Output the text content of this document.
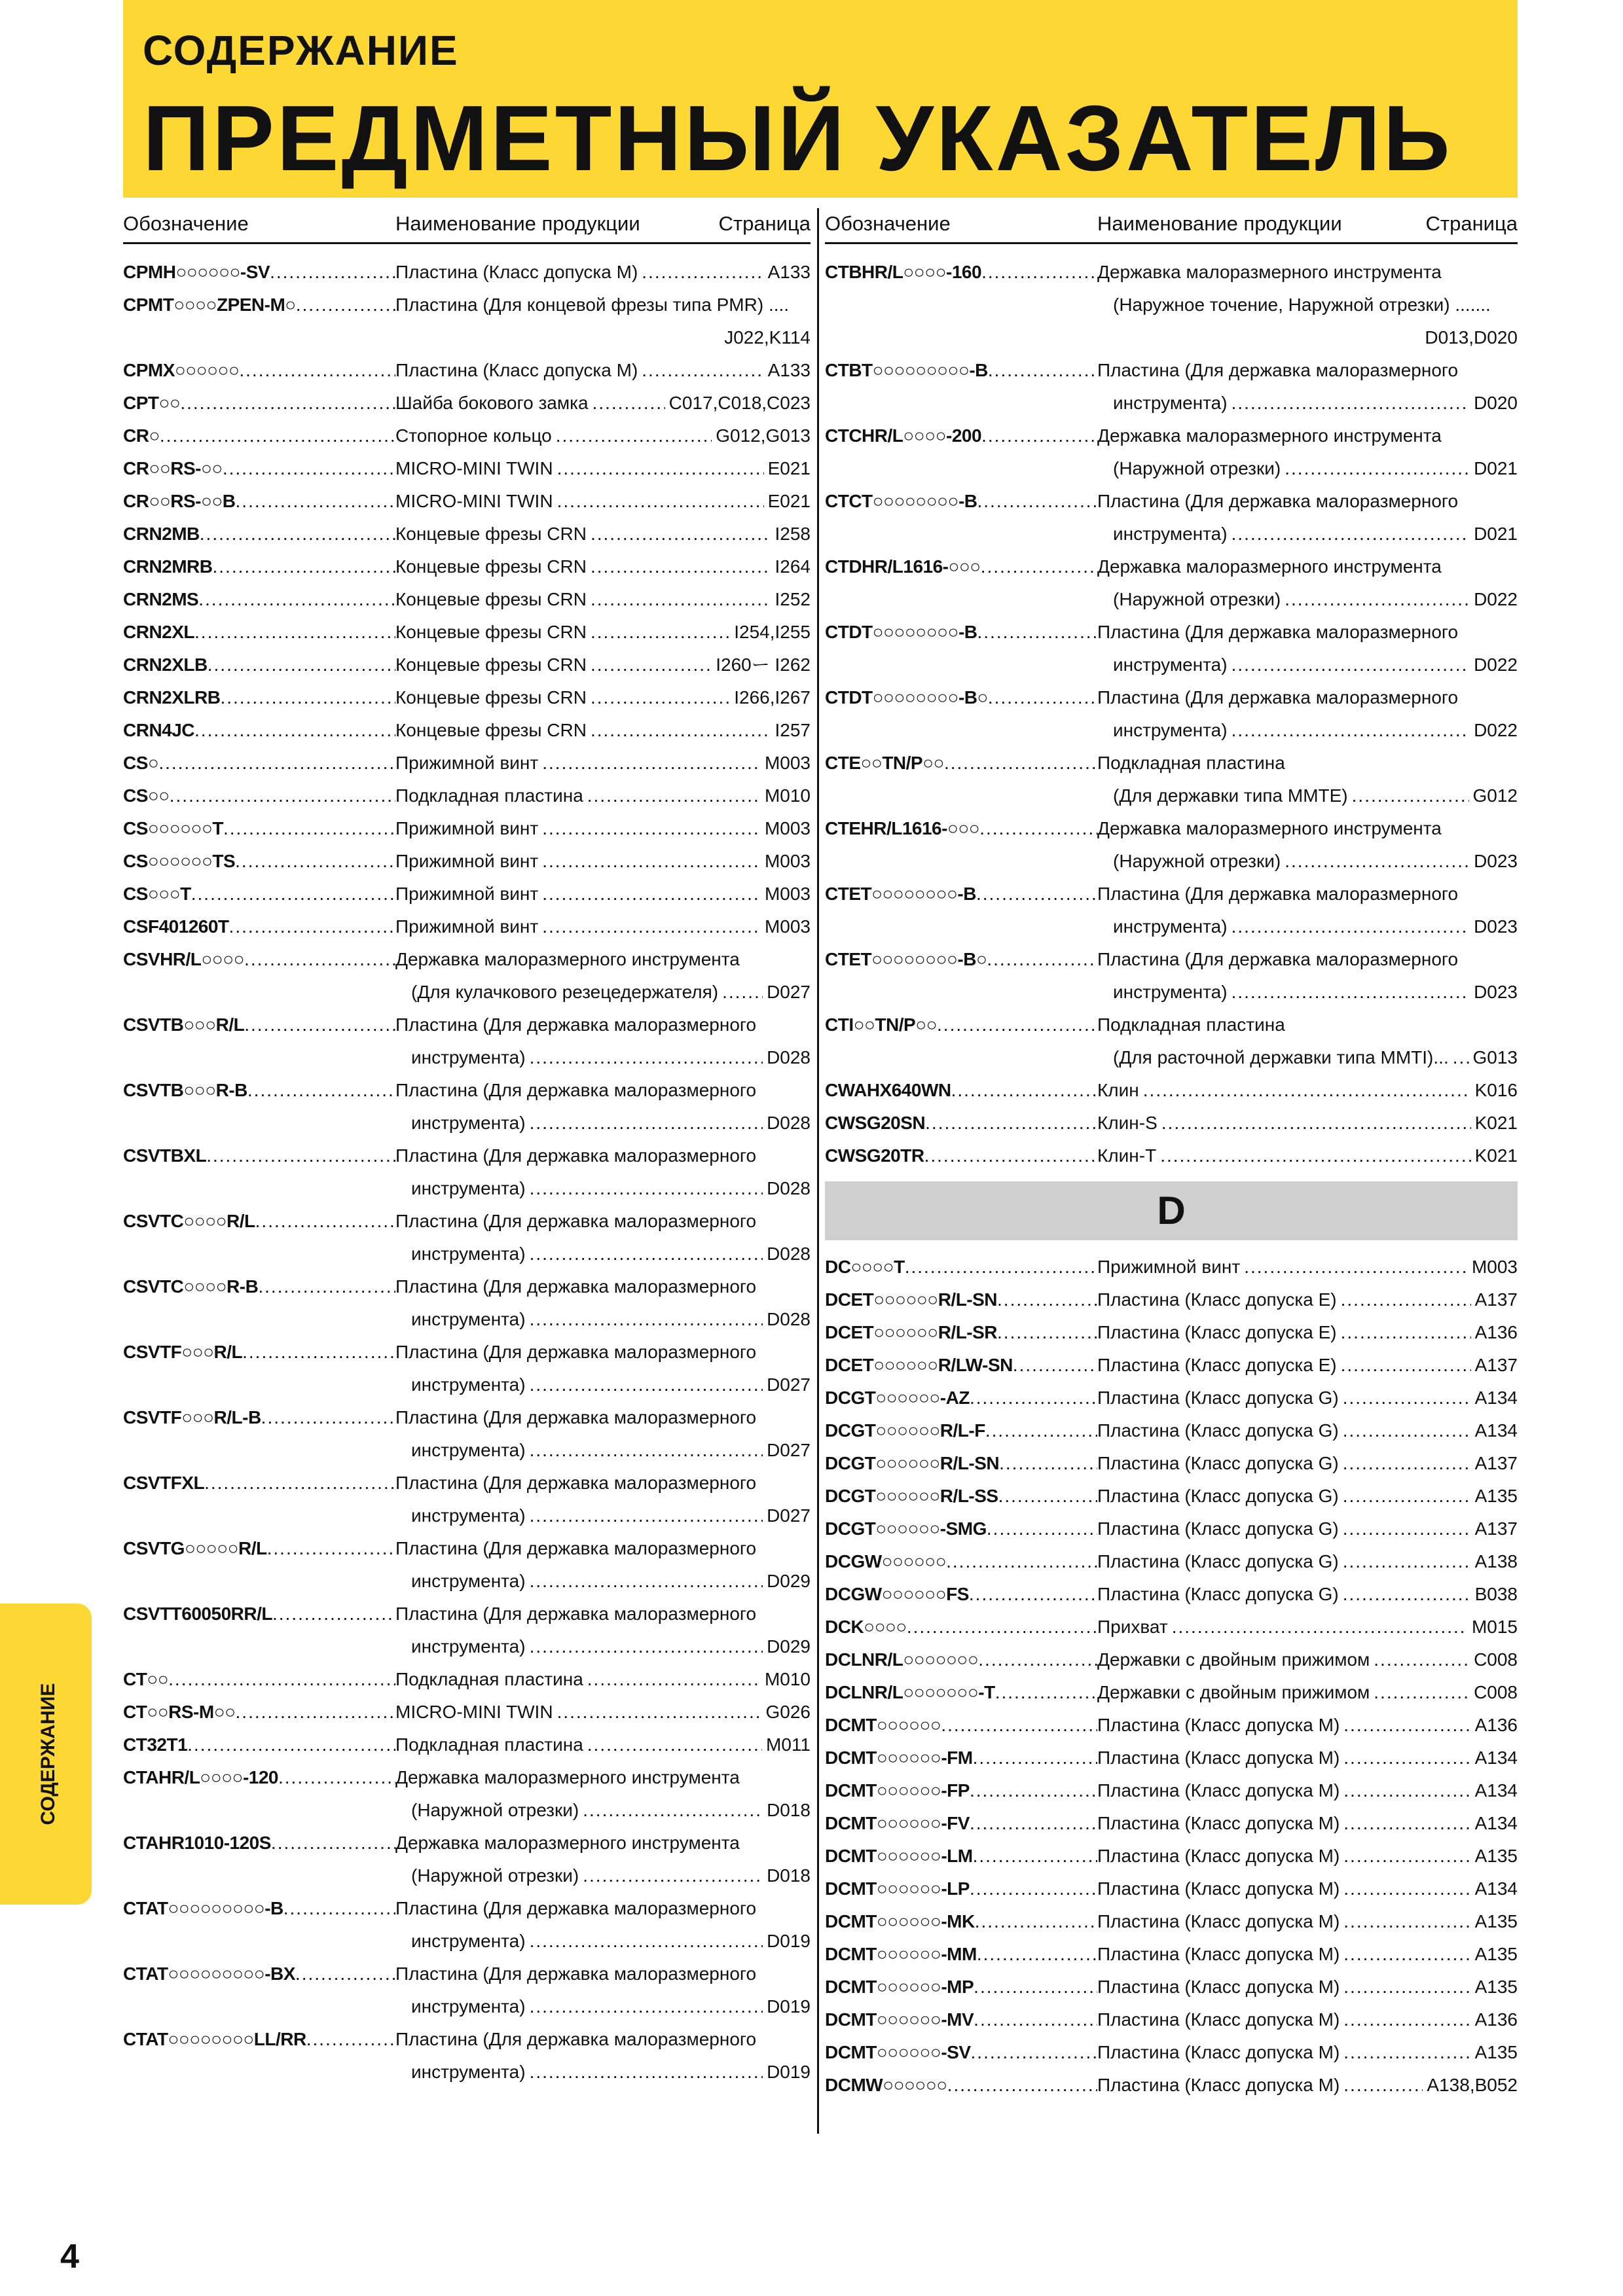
СОДЕРЖАНИЕ
ПРЕДМЕТНЫЙ УКАЗАТЕЛЬ
Обозначение	Наименование продукции	Страница
CPMH○○○○○○-SV .....	Пластина (Класс допуска M) .....	A133
CPMT○○○○ZPEN-M○ .....	Пластина (Для концевой фрезы типа PMR) ....
J022,K114
CPMX○○○○○○ .....	Пластина (Класс допуска M) .....	A133
CPT○○ .....	Шайба бокового замка .....	C017,C018,C023
CR○ .....	Стопорное кольцо .....	G012,G013
CR○○RS-○○ .....	MICRO-MINI TWIN .....	E021
CR○○RS-○○B .....	MICRO-MINI TWIN .....	E021
CRN2MB .....	Концевые фрезы CRN .....	I258
CRN2MRB .....	Концевые фрезы CRN .....	I264
CRN2MS .....	Концевые фрезы CRN .....	I252
CRN2XL .....	Концевые фрезы CRN .....	I254,I255
CRN2XLB .....	Концевые фрезы CRN .....	I260ー I262
CRN2XLRB .....	Концевые фрезы CRN .....	I266,I267
CRN4JC .....	Концевые фрезы CRN .....	I257
CS○ .....	Прижимной винт .....	M003
CS○○ .....	Подкладная пластина .....	M010
CS○○○○○○T .....	Прижимной винт .....	M003
CS○○○○○○TS .....	Прижимной винт .....	M003
CS○○○T .....	Прижимной винт .....	M003
CSF401260T .....	Прижимной винт .....	M003
CSVHR/L○○○○ .....	Державка малоразмерного инструмента
(Для кулачкового резецедержателя) .....	D027
CSVTB○○○R/L .....	Пластина (Для державка малоразмерного
инструмента) .....	D028
CSVTB○○○R-B .....	Пластина (Для державка малоразмерного
инструмента) .....	D028
CSVTBXL .....	Пластина (Для державка малоразмерного
инструмента) .....	D028
CSVTC○○○○R/L .....	Пластина (Для державка малоразмерного
инструмента) .....	D028
CSVTC○○○○R-B .....	Пластина (Для державка малоразмерного
инструмента) .....	D028
CSVTF○○○R/L .....	Пластина (Для державка малоразмерного
инструмента) .....	D027
CSVTF○○○R/L-B .....	Пластина (Для державка малоразмерного
инструмента) .....	D027
CSVTFXL .....	Пластина (Для державка малоразмерного
инструмента) .....	D027
CSVTG○○○○○R/L .....	Пластина (Для державка малоразмерного
инструмента) .....	D029
CSVTT60050RR/L .....	Пластина (Для державка малоразмерного
инструмента) .....	D029
CT○○ .....	Подкладная пластина .....	M010
CT○○RS-M○○ .....	MICRO-MINI TWIN .....	G026
CT32T1 .....	Подкладная пластина .....	M011
CTAHR/L○○○○-120 .....	Державка малоразмерного инструмента
(Наружной отрезки) .....	D018
CTAHR1010-120S .....	Державка малоразмерного инструмента
(Наружной отрезки) .....	D018
CTAT○○○○○○○○○-B .....	Пластина (Для державка малоразмерного
инструмента) .....	D019
CTAT○○○○○○○○○-BX .....	Пластина (Для державка малоразмерного
инструмента) .....	D019
CTAT○○○○○○○○LL/RR .....	Пластина (Для державка малоразмерного
инструмента) .....	D019
Обозначение	Наименование продукции	Страница
CTBHR/L○○○○-160 .....	Державка малоразмерного инструмента
(Наружное точение, Наружной отрезки) .......
D013,D020
CTBT○○○○○○○○○-B .....	Пластина (Для державка малоразмерного
инструмента) .....	D020
CTCHR/L○○○○-200 .....	Державка малоразмерного инструмента
(Наружной отрезки) .....	D021
CTCT○○○○○○○○-B .....	Пластина (Для державка малоразмерного
инструмента) .....	D021
CTDHR/L1616-○○○ .....	Державка малоразмерного инструмента
(Наружной отрезки) .....	D022
CTDT○○○○○○○○-B .....	Пластина (Для державка малоразмерного
инструмента) .....	D022
CTDT○○○○○○○○-B○ .....	Пластина (Для державка малоразмерного
инструмента) .....	D022
CTE○○TN/P○○ .....	Подкладная пластина
(Для державки типа MMTE) .....	G012
CTEHR/L1616-○○○ .....	Державка малоразмерного инструмента
(Наружной отрезки) .....	D023
CTET○○○○○○○○-B .....	Пластина (Для державка малоразмерного
инструмента) .....	D023
CTET○○○○○○○○-B○ .....	Пластина (Для державка малоразмерного
инструмента) .....	D023
CTI○○TN/P○○ .....	Подкладная пластина
(Для расточной державки типа MMTI)... ..... G013
CWAHX640WN .....	Клин .....	K016
CWSG20SN .....	Клин-S .....	K021
CWSG20TR .....	Клин-T .....	K021
D
DC○○○○T .....	Прижимной винт .....	M003
DCET○○○○○○R/L-SN .....	Пластина (Класс допуска E) .....	A137
DCET○○○○○○R/L-SR .....	Пластина (Класс допуска E) .....	A136
DCET○○○○○○R/LW-SN .....	Пластина (Класс допуска E) .....	A137
DCGT○○○○○○-AZ .....	Пластина (Класс допуска G) .....	A134
DCGT○○○○○○R/L-F .....	Пластина (Класс допуска G) .....	A134
DCGT○○○○○○R/L-SN .....	Пластина (Класс допуска G) .....	A137
DCGT○○○○○○R/L-SS .....	Пластина (Класс допуска G) .....	A135
DCGT○○○○○○-SMG .....	Пластина (Класс допуска G) .....	A137
DCGW○○○○○○ .....	Пластина (Класс допуска G) .....	A138
DCGW○○○○○○FS .....	Пластина (Класс допуска G) .....	B038
DCK○○○○ .....	Прихват .....	M015
DCLNR/L○○○○○○○ .....	Державки с двойным прижимом .....	C008
DCLNR/L○○○○○○○-T .....	Державки с двойным прижимом .....	C008
DCMT○○○○○○ .....	Пластина (Класс допуска M) .....	A136
DCMT○○○○○○-FM .....	Пластина (Класс допуска M) .....	A134
DCMT○○○○○○-FP .....	Пластина (Класс допуска M) .....	A134
DCMT○○○○○○-FV .....	Пластина (Класс допуска M) .....	A134
DCMT○○○○○○-LM .....	Пластина (Класс допуска M) .....	A135
DCMT○○○○○○-LP .....	Пластина (Класс допуска M) .....	A134
DCMT○○○○○○-MK .....	Пластина (Класс допуска M) .....	A135
DCMT○○○○○○-MM .....	Пластина (Класс допуска M) .....	A135
DCMT○○○○○○-MP .....	Пластина (Класс допуска M) .....	A135
DCMT○○○○○○-MV .....	Пластина (Класс допуска M) .....	A136
DCMT○○○○○○-SV .....	Пластина (Класс допуска M) .....	A135
DCMW○○○○○○ .....	Пластина (Класс допуска M) .....	A138,B052
СОДЕРЖАНИЕ
4
